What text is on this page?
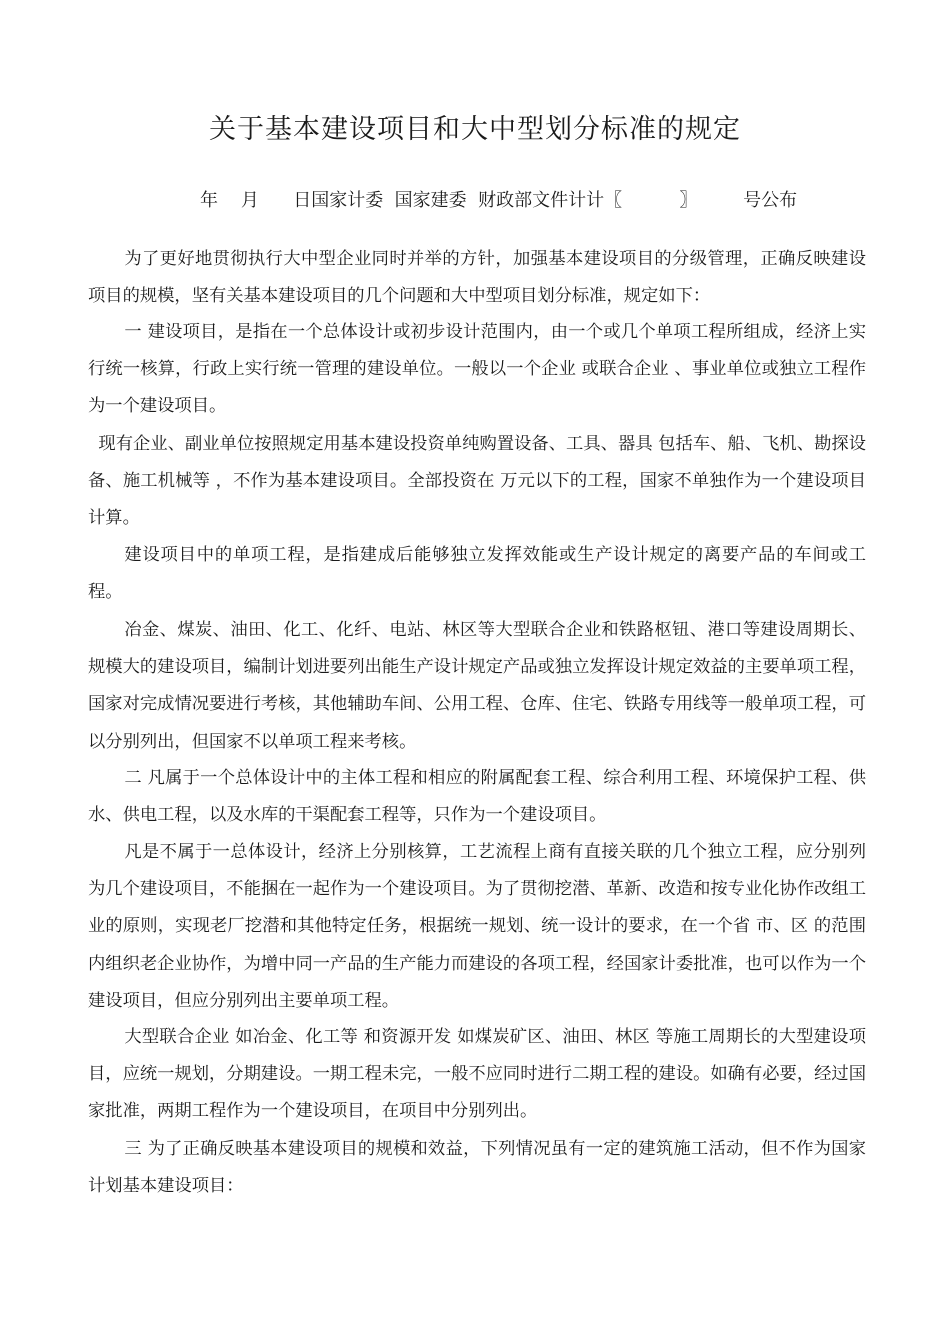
关于基本建设项目和大中型划分标准的规定
年    月      日国家计委  国家建委  财政部文件计计〖          〗        号公布

为了更好地贯彻执行大中型企业同时并举的方针，加强基本建设项目的分级管理，正确反映建设项目的规模，坚有关基本建设项目的几个问题和大中型项目划分标准，规定如下：

一 建设项目，是指在一个总体设计或初步设计范围内，由一个或几个单项工程所组成，经济上实行统一核算，行政上实行统一管理的建设单位。一般以一个企业 或联合企业 、事业单位或独立工程作为一个建设项目。

现有企业、副业单位按照规定用基本建设投资单纯购置设备、工具、器具 包括车、船、飞机、勘探设备、施工机械等 ，不作为基本建设项目。全部投资在 万元以下的工程，国家不单独作为一个建设项目计算。

建设项目中的单项工程，是指建成后能够独立发挥效能或生产设计规定的离要产品的车间或工程。

冶金、煤炭、油田、化工、化纤、电站、林区等大型联合企业和铁路枢钮、港口等建设周期长、规模大的建设项目，编制计划进要列出能生产设计规定产品或独立发挥设计规定效益的主要单项工程，国家对完成情况要进行考核，其他辅助车间、公用工程、仓库、住宅、铁路专用线等一般单项工程，可以分别列出，但国家不以单项工程来考核。

二 凡属于一个总体设计中的主体工程和相应的附属配套工程、综合利用工程、环境保护工程、供水、供电工程，以及水库的干渠配套工程等，只作为一个建设项目。

凡是不属于一总体设计，经济上分别核算，工艺流程上商有直接关联的几个独立工程，应分别列为几个建设项目，不能捆在一起作为一个建设项目。为了贯彻挖潜、革新、改造和按专业化协作改组工业的原则，实现老厂挖潜和其他特定任务，根据统一规划、统一设计的要求，在一个省 市、区 的范围内组织老企业协作，为增中同一产品的生产能力而建设的各项工程，经国家计委批准，也可以作为一个建设项目，但应分别列出主要单项工程。

大型联合企业 如冶金、化工等 和资源开发 如煤炭矿区、油田、林区 等施工周期长的大型建设项目，应统一规划，分期建设。一期工程未完，一般不应同时进行二期工程的建设。如确有必要，经过国家批准，两期工程作为一个建设项目，在项目中分别列出。

三 为了正确反映基本建设项目的规模和效益，下列情况虽有一定的建筑施工活动，但不作为国家计划基本建设项目：
